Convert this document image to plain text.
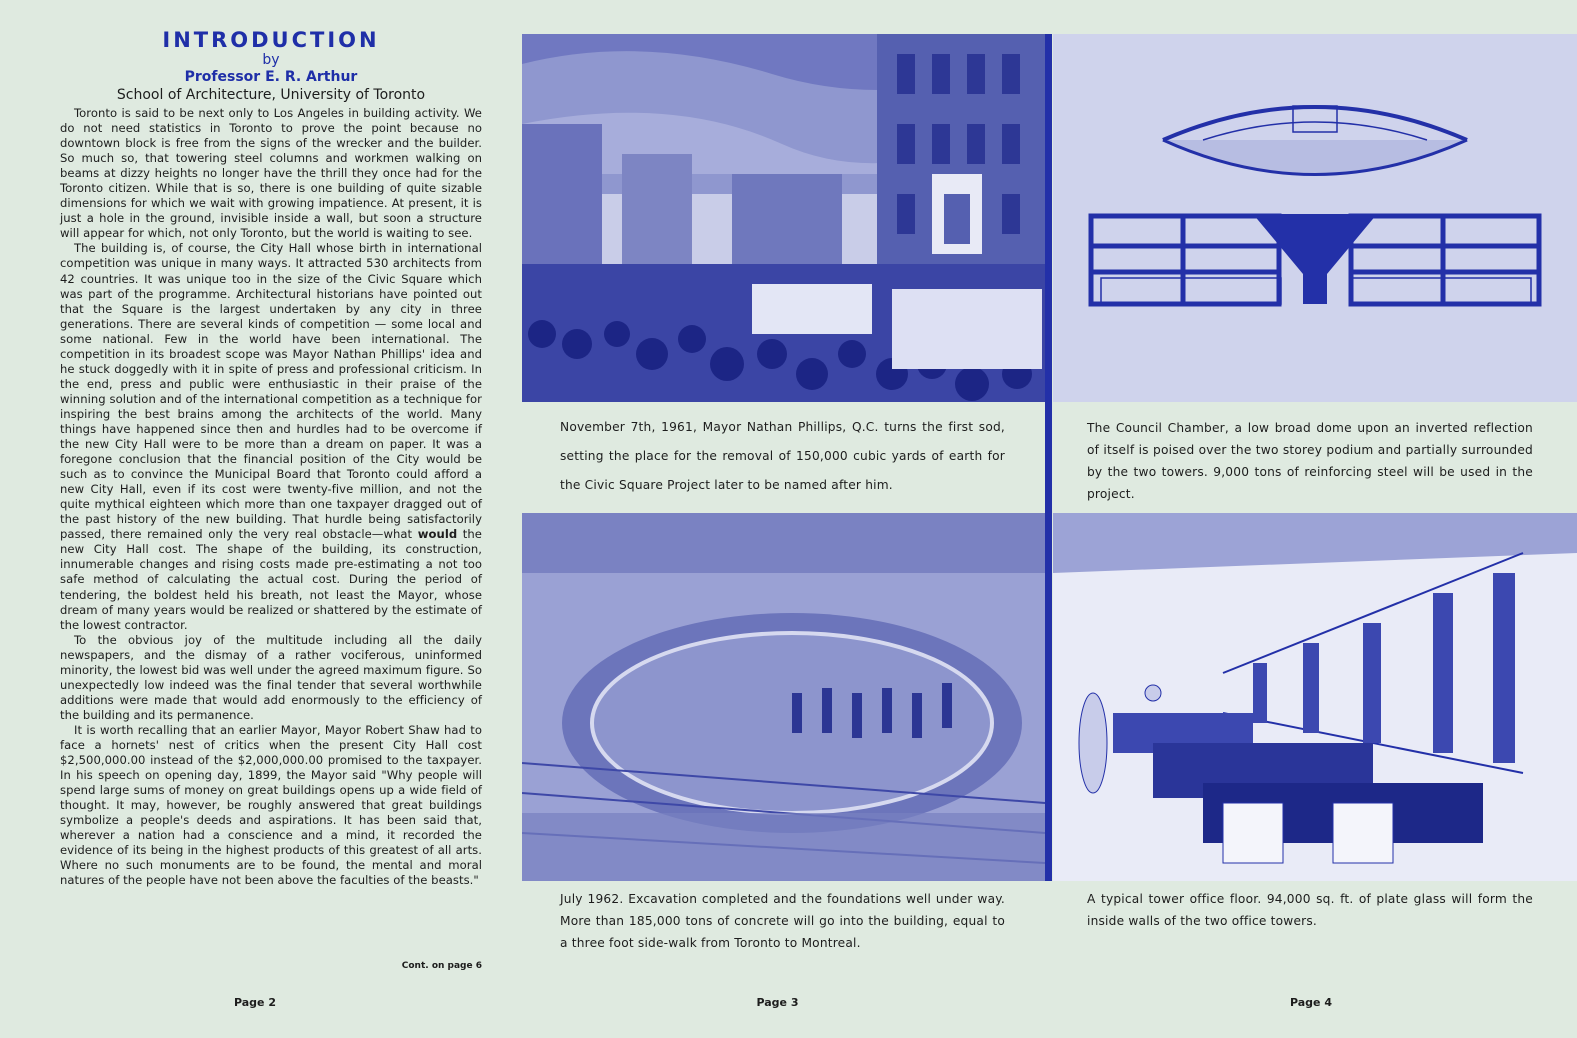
INTRODUCTION
by
Professor E. R. Arthur
School of Architecture, University of Toronto

Toronto is said to be next only to Los Angeles in building activity. We do not need statistics in Toronto to prove the point because no downtown block is free from the signs of the wrecker and the builder. So much so, that towering steel columns and workmen walking on beams at dizzy heights no longer have the thrill they once had for the Toronto citizen. While that is so, there is one building of quite sizable dimensions for which we wait with growing impatience. At present, it is just a hole in the ground, invisible inside a wall, but soon a structure will appear for which, not only Toronto, but the world is waiting to see.

The building is, of course, the City Hall whose birth in international competition was unique in many ways. It attracted 530 architects from 42 countries. It was unique too in the size of the Civic Square which was part of the programme. Architectural historians have pointed out that the Square is the largest undertaken by any city in three generations. There are several kinds of competition — some local and some national. Few in the world have been international. The competition in its broadest scope was Mayor Nathan Phillips' idea and he stuck doggedly with it in spite of press and professional criticism. In the end, press and public were enthusiastic in their praise of the winning solution and of the international competition as a technique for inspiring the best brains among the architects of the world. Many things have happened since then and hurdles had to be overcome if the new City Hall were to be more than a dream on paper. It was a foregone conclusion that the financial position of the City would be such as to convince the Municipal Board that Toronto could afford a new City Hall, even if its cost were twenty-five million, and not the quite mythical eighteen which more than one taxpayer dragged out of the past history of the new building. That hurdle being satisfactorily passed, there remained only the very real obstacle—what would the new City Hall cost. The shape of the building, its construction, innumerable changes and rising costs made pre-estimating a not too safe method of calculating the actual cost. During the period of tendering, the boldest held his breath, not least the Mayor, whose dream of many years would be realized or shattered by the estimate of the lowest contractor.

To the obvious joy of the multitude including all the daily newspapers, and the dismay of a rather vociferous, uninformed minority, the lowest bid was well under the agreed maximum figure. So unexpectedly low indeed was the final tender that several worthwhile additions were made that would add enormously to the efficiency of the building and its permanence.

It is worth recalling that an earlier Mayor, Mayor Robert Shaw had to face a hornets' nest of critics when the present City Hall cost $2,500,000.00 instead of the $2,000,000.00 promised to the taxpayer. In his speech on opening day, 1899, the Mayor said "Why people will spend large sums of money on great buildings opens up a wide field of thought. It may, however, be roughly answered that great buildings symbolize a people's deeds and aspirations. It has been said that, wherever a nation had a conscience and a mind, it recorded the evidence of its being in the highest products of this greatest of all arts. Where no such monuments are to be found, the mental and moral natures of the people have not been above the faculties of the beasts."

Cont. on page 6
Page 2
November 7th, 1961, Mayor Nathan Phillips, Q.C. turns the first sod, setting the place for the removal of 150,000 cubic yards of earth for the Civic Square Project later to be named after him.
July 1962. Excavation completed and the foundations well under way. More than 185,000 tons of concrete will go into the building, equal to a three foot side-walk from Toronto to Montreal.
Page 3
The Council Chamber, a low broad dome upon an inverted reflection of itself is poised over the two storey podium and partially surrounded by the two towers. 9,000 tons of reinforcing steel will be used in the project.
A typical tower office floor. 94,000 sq. ft. of plate glass will form the inside walls of the two office towers.
Page 4
